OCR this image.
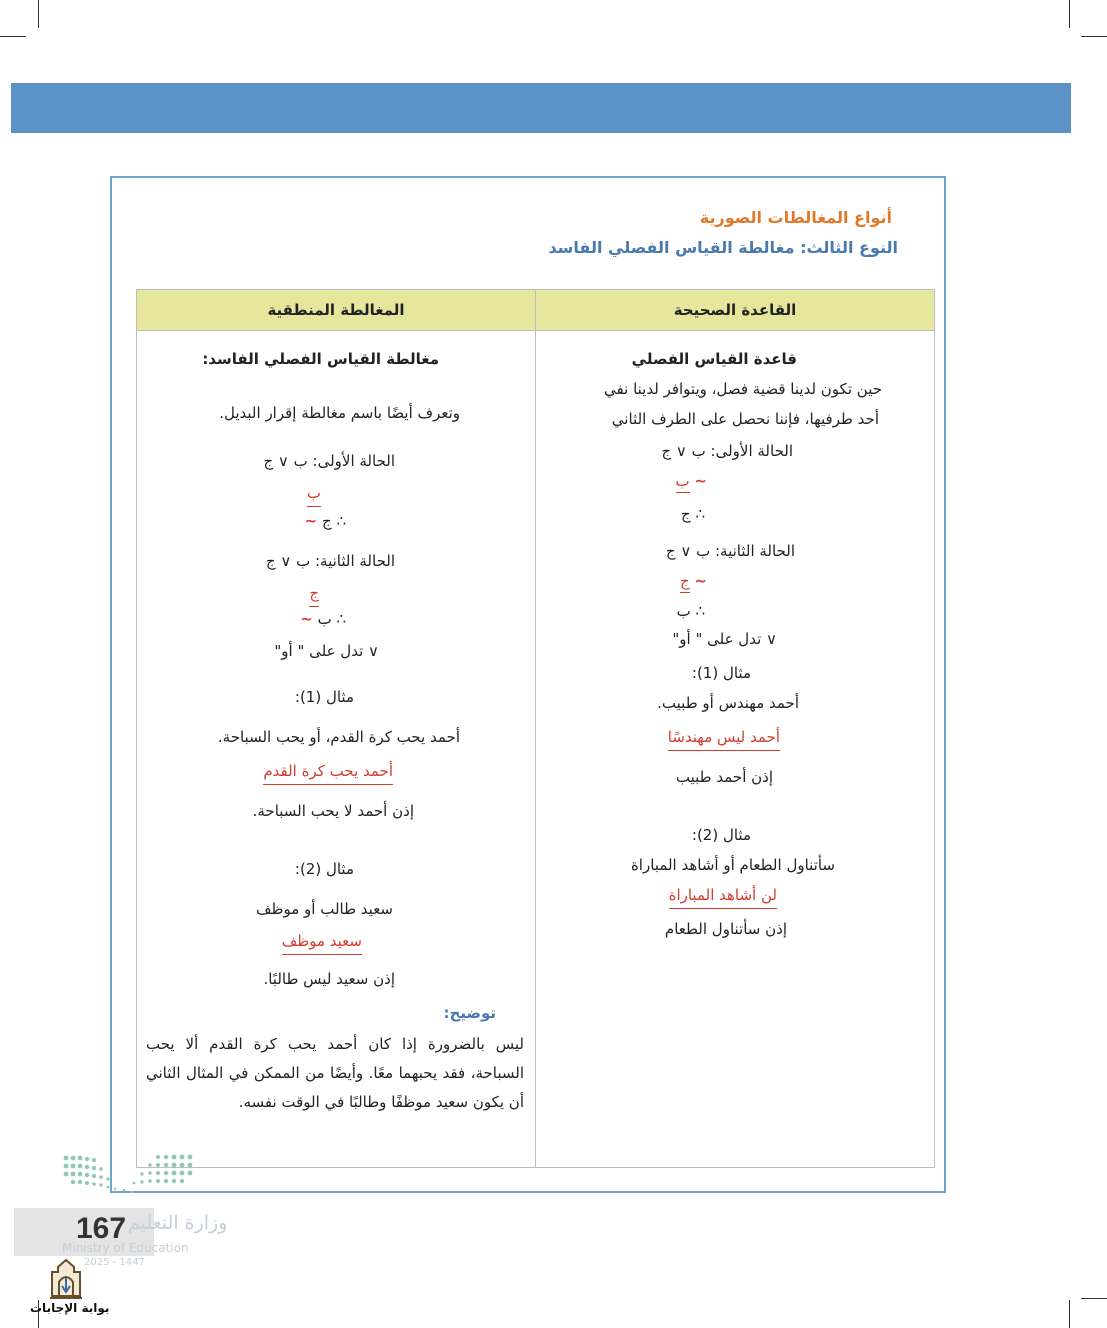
أنواع المغالطات الصورية
النوع الثالث: مغالطة القياس الفصلي الفاسد
القاعدة الصحيحة
المغالطة المنطقية
قاعدة القياس الفصلي
حين تكون لدينا قضية فصل، ويتوافر لدينا نفي
أحد طرفيها، فإننا نحصل على الطرف الثاني
الحالة الأولى: ب ∨ ج
~ ب
∴ ج
الحالة الثانية: ب ∨ ج
~ ج
∴ ب
∨ تدل على " أو"
مثال (1):
أحمد مهندس أو طبيب.
أحمد ليس مهندسًا
إذن أحمد طبيب
مثال (2):
سأتناول الطعام أو أشاهد المباراة
لن أشاهد المباراة
إذن سأتناول الطعام
مغالطة القياس الفصلي الفاسد:
وتعرف أيضًا باسم مغالطة إقرار البديل.
الحالة الأولى: ب ∨ ج
ب
∴ ج ~
الحالة الثانية: ب ∨ ج
ج
∴ ب ~
∨ تدل على " أو"
مثال (1):
أحمد يحب كرة القدم، أو يحب السباحة.
أحمد يحب كرة القدم
إذن أحمد لا يحب السباحة.
مثال (2):
سعيد طالب أو موظف
سعيد موظف
إذن سعيد ليس طالبًا.
توضيح:
ليس بالضرورة إذا كان أحمد يحب كرة القدم ألا يحب السباحة، فقد يحبهما معًا. وأيضًا من الممكن في المثال الثاني أن يكون سعيد موظفًا وطالبًا في الوقت نفسه.
وزارة التعليم
167
Ministry of Education
2025 - 1447
بوابة الإجابات
